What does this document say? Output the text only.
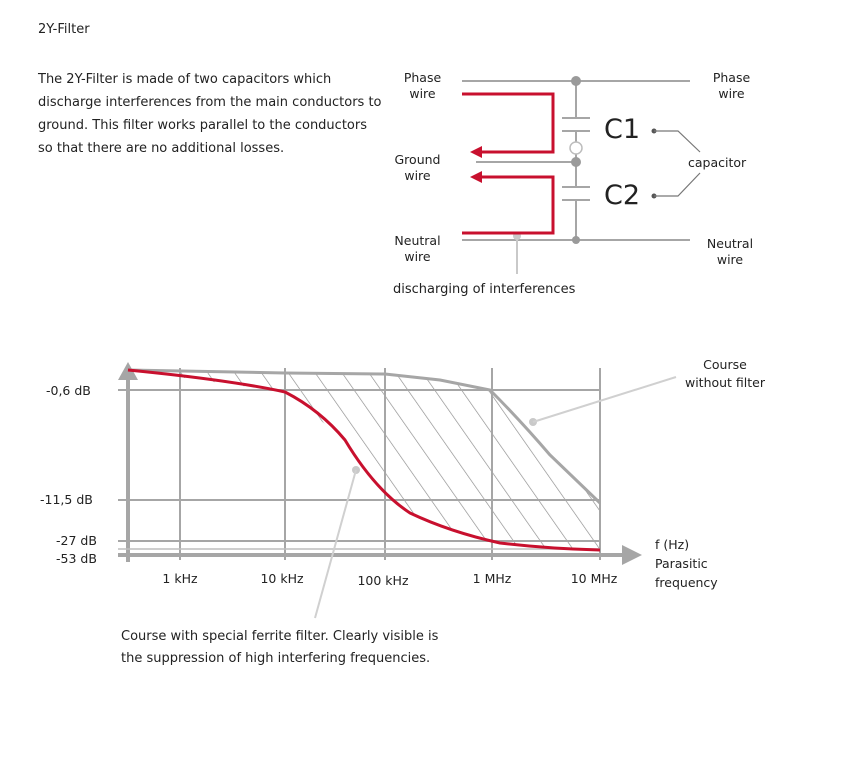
2Y-Filter
The 2Y-Filter is made of two capacitors which discharge interferences from the main conductors to ground. This filter works parallel to the conductors so that there are no additional losses.
Phase
wire
Phase
wire
Ground
wire
Neutral
wire
Neutral
wire
C1
C2
capacitor
discharging of interferences
-0,6 dB
-11,5 dB
-27 dB
-53 dB
1 kHz	10 kHz	100 kHz	1 MHz	10 MHz
f (Hz)
Parasitic
frequency
Course
without filter
Course with special ferrite filter. Clearly visible is the suppression of high interfering frequencies.
